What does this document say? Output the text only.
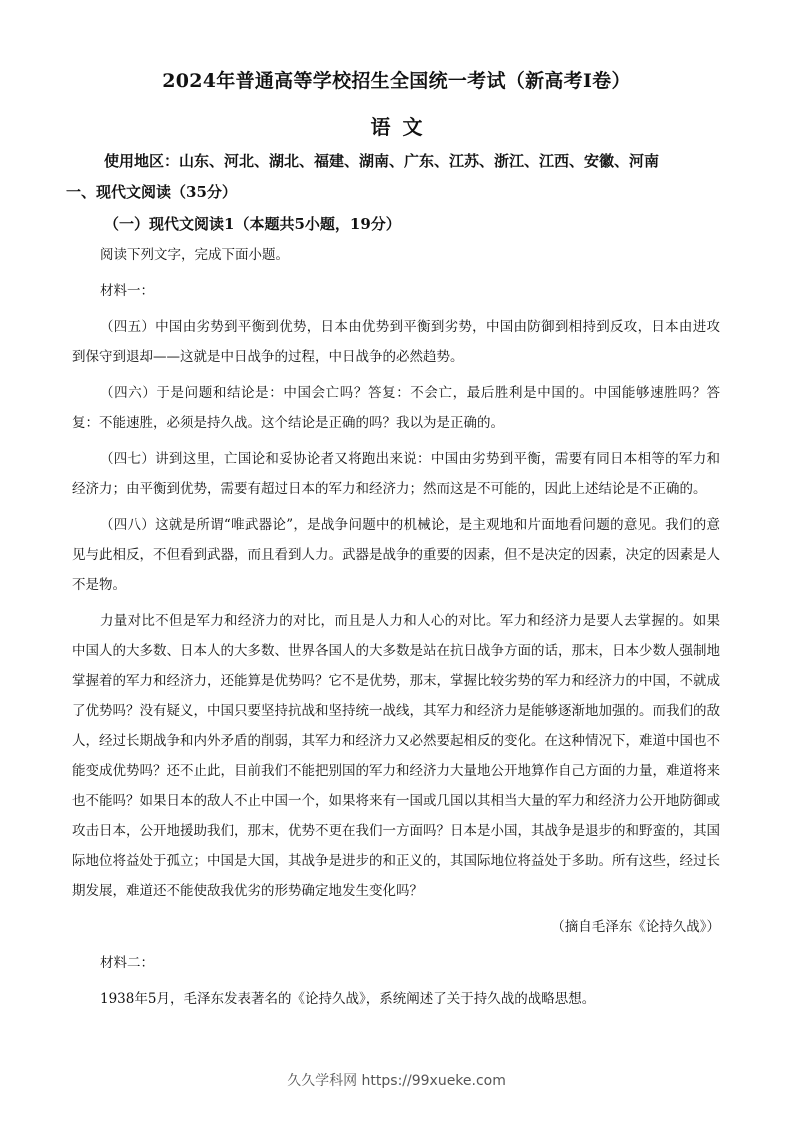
2024年普通高等学校招生全国统一考试（新高考Ⅰ卷）
语文
使用地区：山东、河北、湖北、福建、湖南、广东、江苏、浙江、江西、安徽、河南
一、现代文阅读（35分）
（一）现代文阅读1（本题共5小题，19分）

阅读下列文字，完成下面小题。

材料一：

（四五）中国由劣势到平衡到优势，日本由优势到平衡到劣势，中国由防御到相持到反攻，日本由进攻到保守到退却——这就是中日战争的过程，中日战争的必然趋势。

（四六）于是问题和结论是：中国会亡吗？答复：不会亡，最后胜利是中国的。中国能够速胜吗？答复：不能速胜，必须是持久战。这个结论是正确的吗？我以为是正确的。

（四七）讲到这里，亡国论和妥协论者又将跑出来说：中国由劣势到平衡，需要有同日本相等的军力和经济力；由平衡到优势，需要有超过日本的军力和经济力；然而这是不可能的，因此上述结论是不正确的。

（四八）这就是所谓“唯武器论”，是战争问题中的机械论，是主观地和片面地看问题的意见。我们的意见与此相反，不但看到武器，而且看到人力。武器是战争的重要的因素，但不是决定的因素，决定的因素是人不是物。

力量对比不但是军力和经济力的对比，而且是人力和人心的对比。军力和经济力是要人去掌握的。如果中国人的大多数、日本人的大多数、世界各国人的大多数是站在抗日战争方面的话，那末，日本少数人强制地掌握着的军力和经济力，还能算是优势吗？它不是优势，那末，掌握比较劣势的军力和经济力的中国，不就成了优势吗？没有疑义，中国只要坚持抗战和坚持统一战线，其军力和经济力是能够逐渐地加强的。而我们的敌人，经过长期战争和内外矛盾的削弱，其军力和经济力又必然要起相反的变化。在这种情况下，难道中国也不能变成优势吗？还不止此，目前我们不能把别国的军力和经济力大量地公开地算作自己方面的力量，难道将来也不能吗？如果日本的敌人不止中国一个，如果将来有一国或几国以其相当大量的军力和经济力公开地防御或攻击日本，公开地援助我们，那末，优势不更在我们一方面吗？日本是小国，其战争是退步的和野蛮的，其国际地位将益处于孤立；中国是大国，其战争是进步的和正义的，其国际地位将益处于多助。所有这些，经过长期发展，难道还不能使敌我优劣的形势确定地发生变化吗？

（摘自毛泽东《论持久战》）

材料二：

1938年5月，毛泽东发表著名的《论持久战》，系统阐述了关于持久战的战略思想。

久久学科网 https://99xueke.com
